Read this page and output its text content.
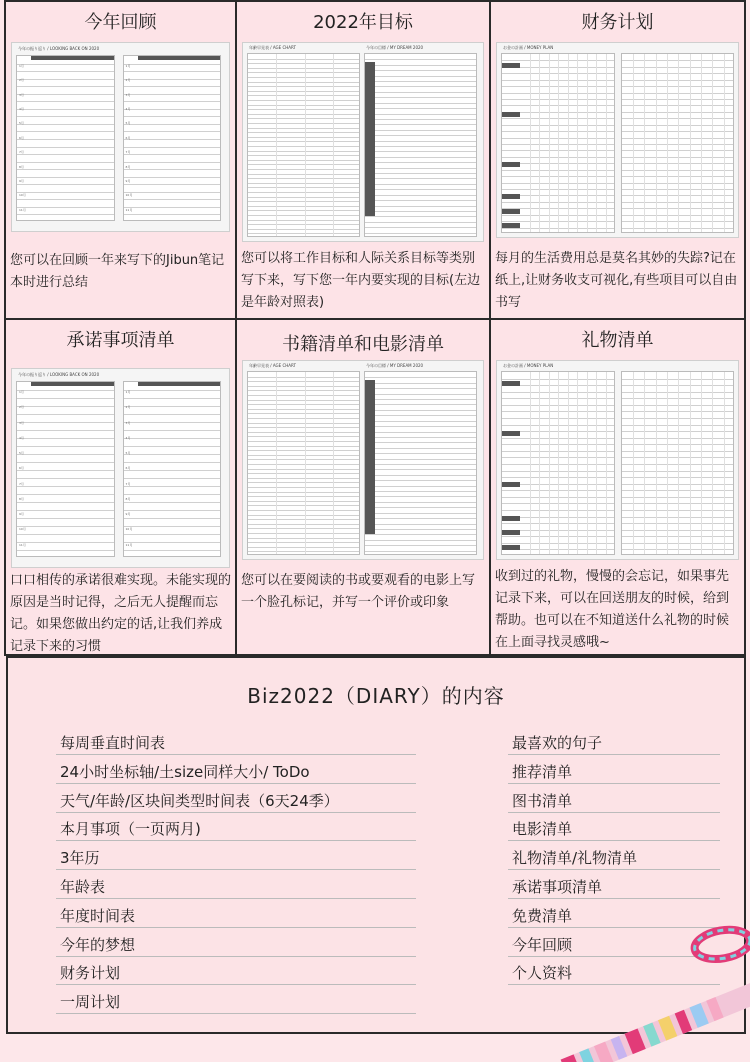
今年回顾
1月
2月
3月
4月
5月
6月
7月
8月
9月
10月
11月
1月
2月
3月
4月
5月
6月
7月
8月
9月
10月
11月
今年の振り返り / LOOKING BACK ON 2020
您可以在回顾一年来写下的Jibun笔记本时进行总结
2022年目标
年齢早見表 / AGE CHART	今年の目標 / MY DREAM 2020
您可以将工作目标和人际关系目标等类别写下来，写下您一年内要实现的目标(左边是年龄对照表)
财务计划
お金の計画 / MONEY PLAN
每月的生活费用总是莫名其妙的失踪?记在纸上,让财务收支可视化,有些项目可以自由书写
承诺事项清单
1月
2月
3月
4月
5月
6月
7月
8月
9月
10月
11月
1月
2月
3月
4月
5月
6月
7月
8月
9月
10月
11月
今年の振り返り / LOOKING BACK ON 2020
口口相传的承诺很难实现。未能实现的原因是当时记得，之后无人提醒而忘记。如果您做出约定的话,让我们养成记录下来的习惯
书籍清单和电影清单
年齢早見表 / AGE CHART	今年の目標 / MY DREAM 2020
您可以在要阅读的书或要观看的电影上写一个脸孔标记，并写一个评价或印象
礼物清单
お金の計画 / MONEY PLAN
收到过的礼物，慢慢的会忘记，如果事先记录下来，可以在回送朋友的时候，给到帮助。也可以在不知道送什么礼物的时候在上面寻找灵感哦~
Biz2022（DIARY）的内容
每周垂直时间表
24小时坐标轴/土size同样大小/ ToDo
天气/年龄/区块间类型时间表（6天24季）
本月事项（一页两月)
3年历
年龄表
年度时间表
今年的梦想
财务计划
一周计划
最喜欢的句子
推荐清单
图书清单
电影清单
礼物清单/礼物清单
承诺事项清单
免费清单
今年回顾
个人资料
